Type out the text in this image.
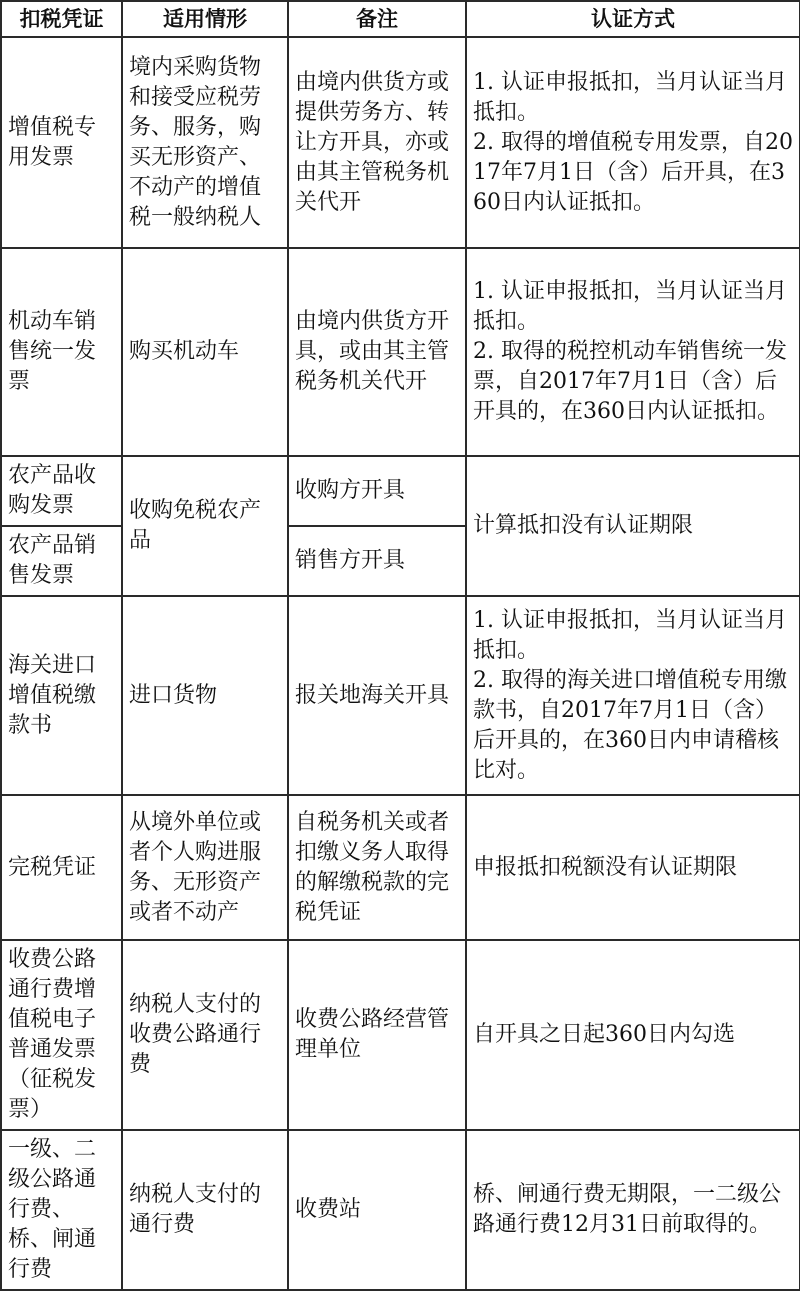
扣税凭证	适用情形	备注	认证方式
增值税专用发票	境内采购货物和接受应税劳务、服务，购买无形资产、不动产的增值税一般纳税人	由境内供货方或提供劳务方、转让方开具，亦或由其主管税务机关代开	1. 认证申报抵扣，当月认证当月抵扣。
2. 取得的增值税专用发票，自2017年7月1日（含）后开具，在360日内认证抵扣。
机动车销售统一发票	购买机动车	由境内供货方开具，或由其主管税务机关代开	1. 认证申报抵扣，当月认证当月抵扣。
2. 取得的税控机动车销售统一发票，自2017年7月1日（含）后开具的，在360日内认证抵扣。
农产品收购发票	收购免税农产品	收购方开具	计算抵扣没有认证期限
农产品销售发票		销售方开具	
海关进口增值税缴款书	进口货物	报关地海关开具	1. 认证申报抵扣，当月认证当月抵扣。
2. 取得的海关进口增值税专用缴款书，自2017年7月1日（含）后开具的，在360日内申请稽核比对。
完税凭证	从境外单位或者个人购进服务、无形资产或者不动产	自税务机关或者扣缴义务人取得的解缴税款的完税凭证	申报抵扣税额没有认证期限
收费公路通行费增值税电子普通发票（征税发票）	纳税人支付的收费公路通行费	收费公路经营管理单位	自开具之日起360日内勾选
一级、二级公路通行费、桥、闸通行费	纳税人支付的通行费	收费站	桥、闸通行费无期限，一二级公路通行费12月31日前取得的。
